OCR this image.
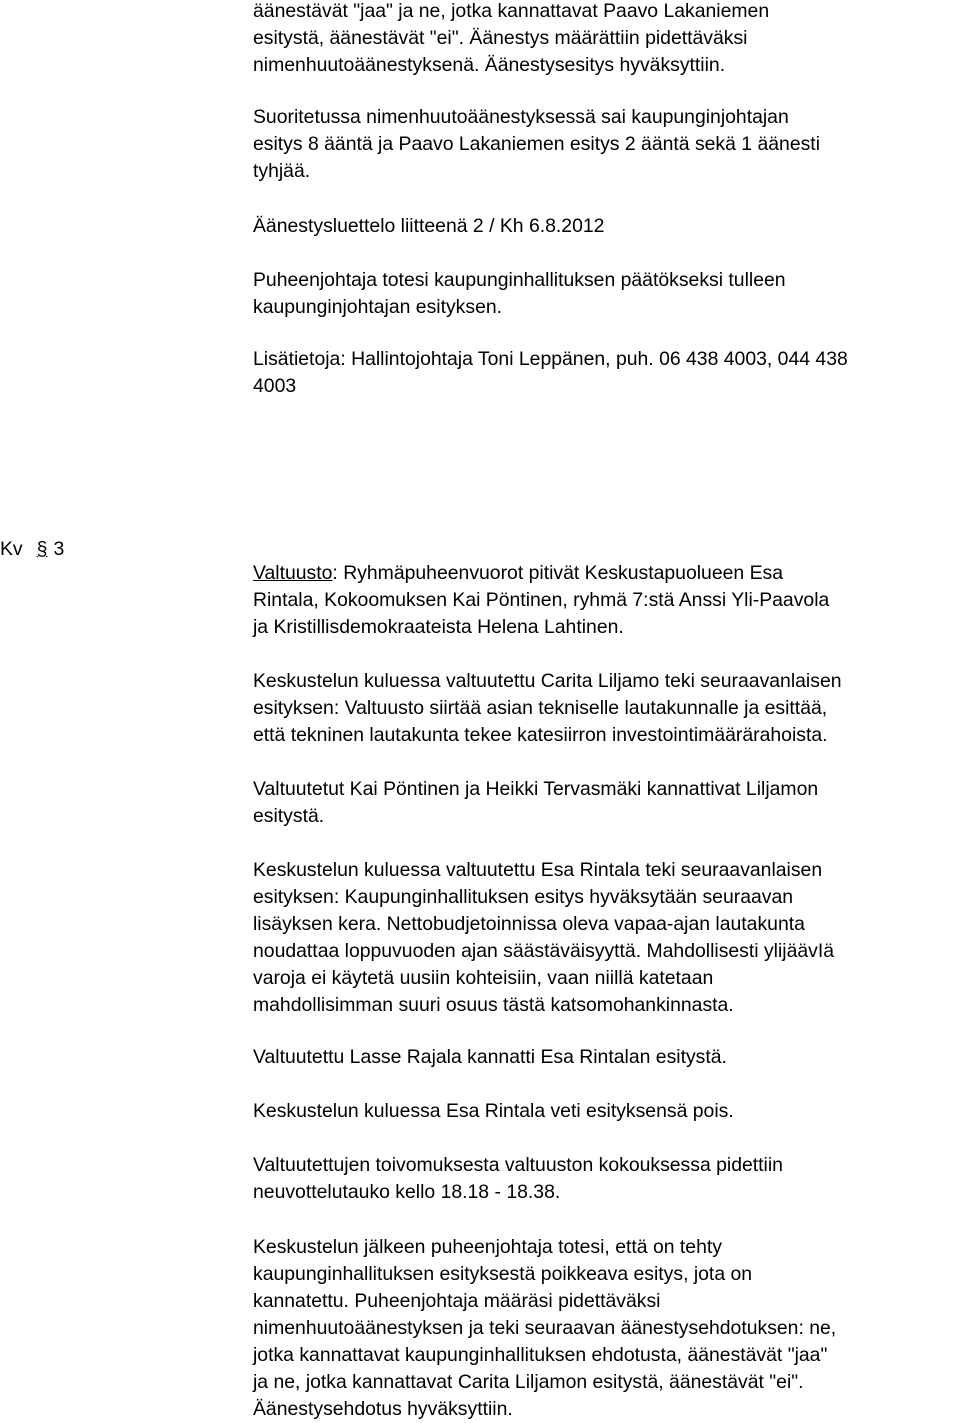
äänestävät "jaa" ja ne, jotka kannattavat Paavo Lakaniemen
esitystä, äänestävät "ei". Äänestys määrättiin pidettäväksi
nimenhuutoäänestyksenä. Äänestysesitys hyväksyttiin.
Suoritetussa nimenhuutoäänestyksessä sai kaupunginjohtajan
esitys 8 ääntä ja Paavo Lakaniemen esitys 2 ääntä sekä 1 äänesti
tyhjää.
Äänestysluettelo liitteenä 2 / Kh 6.8.2012
Puheenjohtaja totesi kaupunginhallituksen päätökseksi tulleen
kaupunginjohtajan esityksen.
Lisätietoja: Hallintojohtaja Toni Leppänen, puh. 06 438 4003, 044 438
4003
Kv § 3
Valtuusto: Ryhmäpuheenvuorot pitivät Keskustapuolueen Esa
Rintala, Kokoomuksen Kai Pöntinen, ryhmä 7:stä Anssi Yli-Paavola
ja Kristillisdemokraateista Helena Lahtinen.
Keskustelun kuluessa valtuutettu Carita Liljamo teki seuraavanlaisen
esityksen: Valtuusto siirtää asian tekniselle lautakunnalle ja esittää,
että tekninen lautakunta tekee katesiirron investointimäärärahoista.
Valtuutetut Kai Pöntinen ja Heikki Tervasmäki kannattivat Liljamon
esitystä.
Keskustelun kuluessa valtuutettu Esa Rintala teki seuraavanlaisen
esityksen: Kaupunginhallituksen esitys hyväksytään seuraavan
lisäyksen kera. Nettobudjetoinnissa oleva vapaa-ajan lautakunta
noudattaa loppuvuoden ajan säästäväisyyttä. Mahdollisesti ylijäävIä
varoja ei käytetä uusiin kohteisiin, vaan niillä katetaan
mahdollisimman suuri osuus tästä katsomohankinnasta.
Valtuutettu Lasse Rajala kannatti Esa Rintalan esitystä.
Keskustelun kuluessa Esa Rintala veti esityksensä pois.
Valtuutettujen toivomuksesta valtuuston kokouksessa pidettiin
neuvottelutauko kello 18.18 - 18.38.
Keskustelun jälkeen puheenjohtaja totesi, että on tehty
kaupunginhallituksen esityksestä poikkeava esitys, jota on
kannatettu. Puheenjohtaja määräsi pidettäväksi
nimenhuutoäänestyksen ja teki seuraavan äänestysehdotuksen: ne,
jotka kannattavat kaupunginhallituksen ehdotusta, äänestävät "jaa"
ja ne, jotka kannattavat Carita Liljamon esitystä, äänestävät "ei".
Äänestysehdotus hyväksyttiin.
